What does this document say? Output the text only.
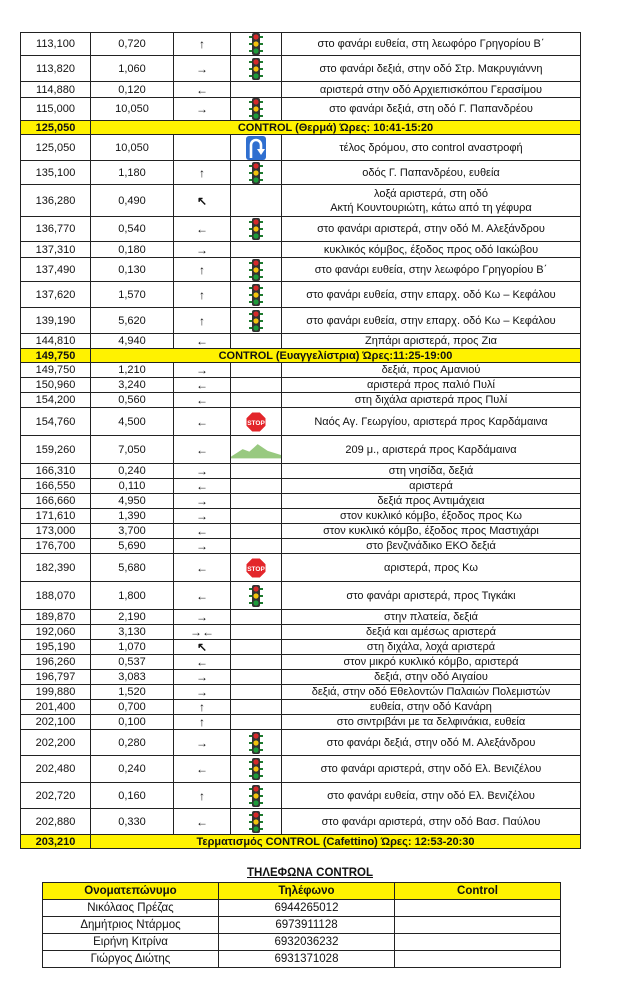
113,100	0,720	↑		στο φανάρι ευθεία, στη λεωφόρο Γρηγορίου Β΄
113,820	1,060	→		στο φανάρι δεξιά, στην οδό Στρ. Μακρυγιάννη
114,880	0,120	←		αριστερά στην οδό Αρχιεπισκόπου Γερασίμου
115,000	10,050	→		στο φανάρι δεξιά, στη οδό Γ. Παπανδρέου
125,050	CONTROL (Θερμά) Ώρες: 10:41-15:20			
125,050	10,050			τέλος δρόμου, στο control αναστροφή
135,100	1,180	↑		οδός Γ. Παπανδρέου, ευθεία
136,280	0,490	↖		λοξά αριστερά, στη οδό
Ακτή Κουντουριώτη, κάτω από τη γέφυρα
136,770	0,540	←		στο φανάρι αριστερά, στην οδό Μ. Αλεξάνδρου
137,310	0,180	→		κυκλικός κόμβος, έξοδος προς οδό Ιακώβου
137,490	0,130	↑		στο φανάρι ευθεία, στην λεωφόρο Γρηγορίου Β΄
137,620	1,570	↑		στο φανάρι ευθεία, στην επαρχ. οδό Κω – Κεφάλου
139,190	5,620	↑		στο φανάρι ευθεία, στην επαρχ. οδό Κω – Κεφάλου
144,810	4,940	←		Ζηπάρι αριστερά, προς Ζια
149,750	CONTROL (Ευαγγελίστρια) Ώρες:11:25-19:00			
149,750	1,210	→		δεξιά, προς Αμανιού
150,960	3,240	←		αριστερά προς παλιό Πυλί
154,200	0,560	←		στη διχάλα αριστερά προς Πυλί
154,760	4,500	←	STOP	Ναός Αγ. Γεωργίου, αριστερά προς Καρδάμαινα
159,260	7,050	←		209 μ., αριστερά προς Καρδάμαινα
166,310	0,240	→		στη νησίδα, δεξιά
166,550	0,110	←		αριστερά
166,660	4,950	→		δεξιά προς Αντιμάχεια
171,610	1,390	→		στον κυκλικό κόμβο, έξοδος προς Κω
173,000	3,700	←		στον κυκλικό κόμβο, έξοδος προς Μαστιχάρι
176,700	5,690	→		στο βενζινάδικο ΕΚΟ δεξιά
182,390	5,680	←	STOP	αριστερά, προς Κω
188,070	1,800	←		στο φανάρι αριστερά, προς Τιγκάκι
189,870	2,190	→		στην πλατεία, δεξιά
192,060	3,130	→←		δεξιά και αμέσως αριστερά
195,190	1,070	↖		στη διχάλα, λοχά αριστερά
196,260	0,537	←		στον μικρό κυκλικό κόμβο, αριστερά
196,797	3,083	→		δεξιά, στην οδό Αιγαίου
199,880	1,520	→		δεξιά, στην οδό Εθελοντών Παλαιών Πολεμιστών
201,400	0,700	↑		ευθεία, στην οδό Κανάρη
202,100	0,100	↑		στο σιντριβάνι με τα δελφινάκια, ευθεία
202,200	0,280	→		στο φανάρι δεξιά, στην οδό Μ. Αλεξάνδρου
202,480	0,240	←		στο φανάρι αριστερά, στην οδό Ελ. Βενιζέλου
202,720	0,160	↑		στο φανάρι ευθεία, στην οδό Ελ. Βενιζέλου
202,880	0,330	←		στο φανάρι αριστερά, στην οδό Βασ. Παύλου
203,210	Τερματισμός CONTROL (Cafettino) Ώρες: 12:53-20:30			
ΤΗΛΕΦΩΝΑ CONTROL
Ονοματεπώνυμο	Τηλέφωνο	Control
Νικόλαος Πρέζας	6944265012	
Δημήτριος Ντάρμος	6973911128	
Ειρήνη Κιτρίνα	6932036232	
Γιώργος Διώτης	6931371028	
